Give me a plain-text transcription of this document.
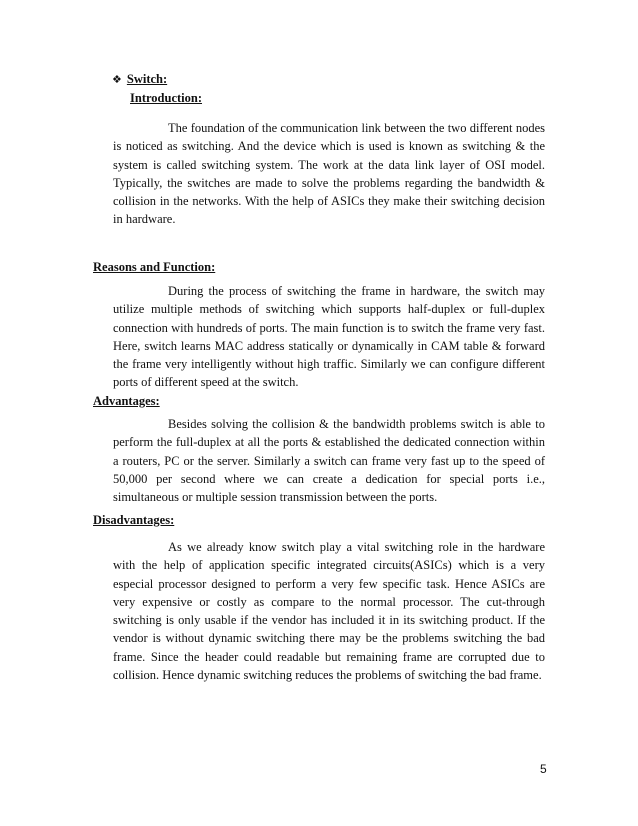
❖ Switch:
Introduction:

The foundation of the communication link between the two different nodes is noticed as switching. And the device which is used is known as switching & the system is called switching system. The work at the data link layer of OSI model. Typically, the switches are made to solve the problems regarding the bandwidth & collision in the networks. With the help of ASICs they make their switching decision in hardware.

Reasons and Function:

During the process of switching the frame in hardware, the switch may utilize multiple methods of switching which supports half-duplex or full-duplex connection with hundreds of ports. The main function is to switch the frame very fast. Here, switch learns MAC address statically or dynamically in CAM table & forward the frame very intelligently without high traffic. Similarly we can configure different ports of different speed at the switch.

Advantages:

Besides solving the collision & the bandwidth problems switch is able to perform the full-duplex at all the ports & established the dedicated connection within a routers, PC or the server. Similarly a switch can frame very fast up to the speed of 50,000 per second where we can create a dedication for special ports i.e., simultaneous or multiple session transmission between the ports.

Disadvantages:

As we already know switch play a vital switching role in the hardware with the help of application specific integrated circuits(ASICs) which is a very especial processor designed to perform a very few specific task. Hence ASICs are very expensive or costly as compare to the normal processor. The cut-through switching is only usable if the vendor has included it in its switching product. If the vendor is without dynamic switching there may be the problems switching the bad frame. Since the header could readable but remaining frame are corrupted due to collision. Hence dynamic switching reduces the problems of switching the bad frame.

5
